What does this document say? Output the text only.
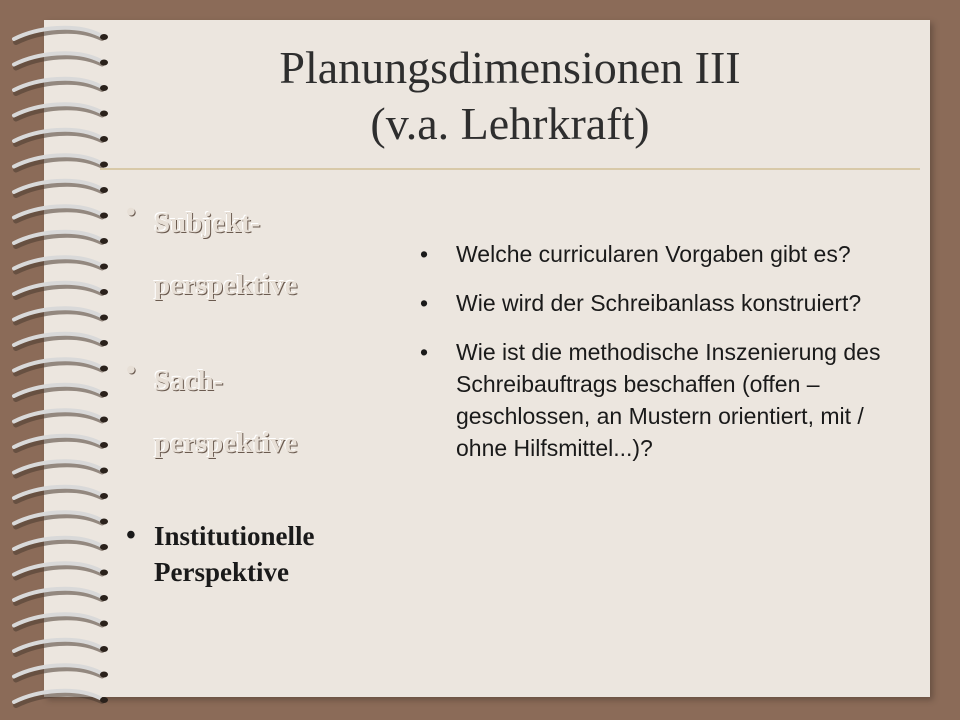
Planungsdimensionen III
(v.a. Lehrkraft)
• Subjekt-
perspektive
• Sach-
perspektive
• Institutionelle
Perspektive
• Welche curricularen Vorgaben gibt es?
• Wie wird der Schreibanlass konstruiert?
• Wie ist die methodische Inszenierung des Schreibauftrags beschaffen (offen – geschlossen, an Mustern orientiert, mit / ohne Hilfsmittel...)?
